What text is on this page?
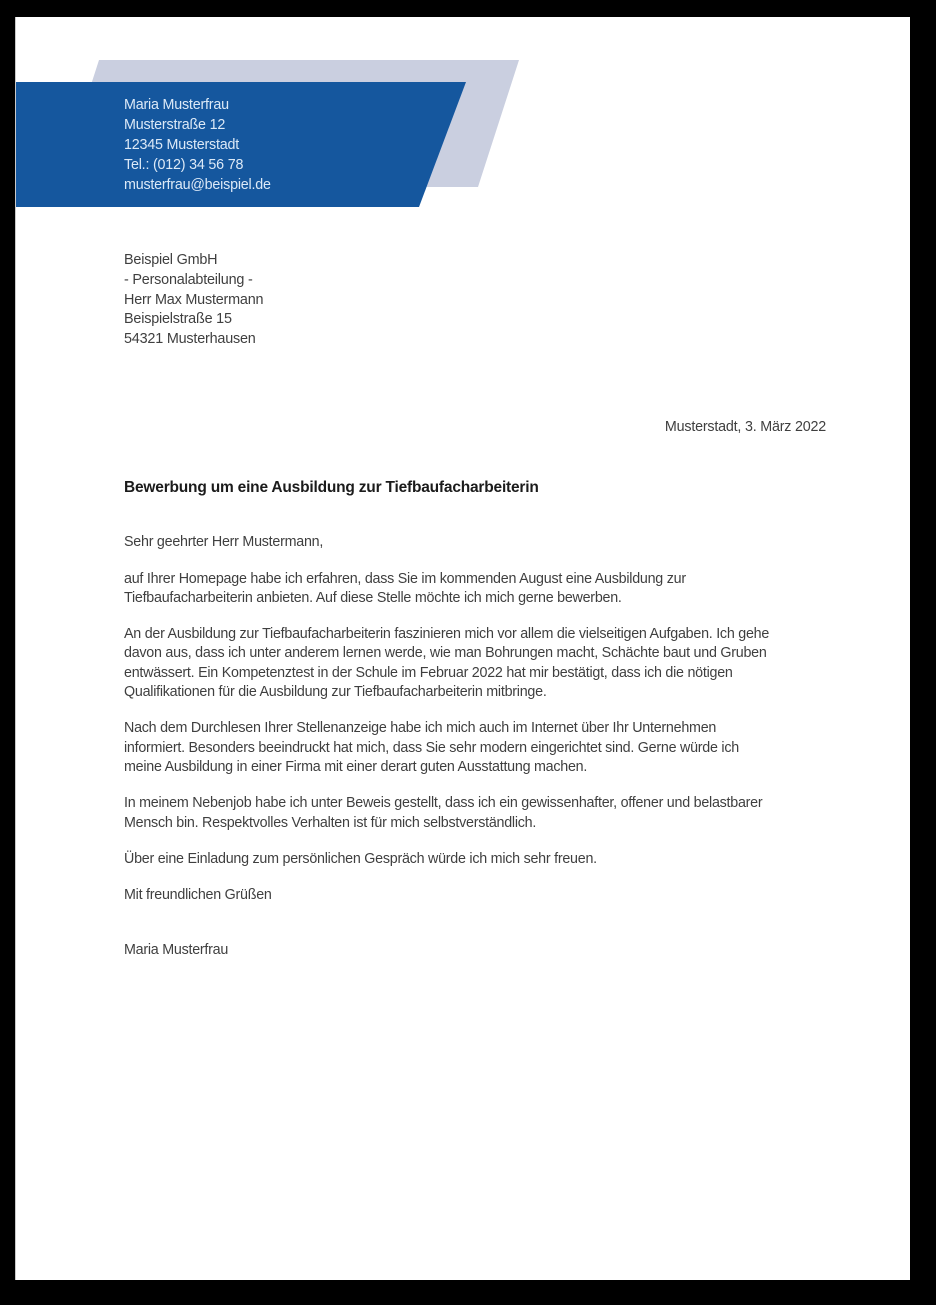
Maria Musterfrau
Musterstraße 12
12345 Musterstadt
Tel.: (012) 34 56 78
musterfrau@beispiel.de
Beispiel GmbH
- Personalabteilung -
Herr Max Mustermann
Beispielstraße 15
54321 Musterhausen
Musterstadt, 3. März 2022
Bewerbung um eine Ausbildung zur Tiefbaufacharbeiterin
Sehr geehrter Herr Mustermann,
auf Ihrer Homepage habe ich erfahren, dass Sie im kommenden August eine Ausbildung zur
Tiefbaufacharbeiterin anbieten. Auf diese Stelle möchte ich mich gerne bewerben.
An der Ausbildung zur Tiefbaufacharbeiterin faszinieren mich vor allem die vielseitigen Aufgaben. Ich gehe
davon aus, dass ich unter anderem lernen werde, wie man Bohrungen macht, Schächte baut und Gruben
entwässert. Ein Kompetenztest in der Schule im Februar 2022 hat mir bestätigt, dass ich die nötigen
Qualifikationen für die Ausbildung zur Tiefbaufacharbeiterin mitbringe.
Nach dem Durchlesen Ihrer Stellenanzeige habe ich mich auch im Internet über Ihr Unternehmen
informiert. Besonders beeindruckt hat mich, dass Sie sehr modern eingerichtet sind. Gerne würde ich
meine Ausbildung in einer Firma mit einer derart guten Ausstattung machen.
In meinem Nebenjob habe ich unter Beweis gestellt, dass ich ein gewissenhafter, offener und belastbarer
Mensch bin. Respektvolles Verhalten ist für mich selbstverständlich.
Über eine Einladung zum persönlichen Gespräch würde ich mich sehr freuen.
Mit freundlichen Grüßen
Maria Musterfrau
